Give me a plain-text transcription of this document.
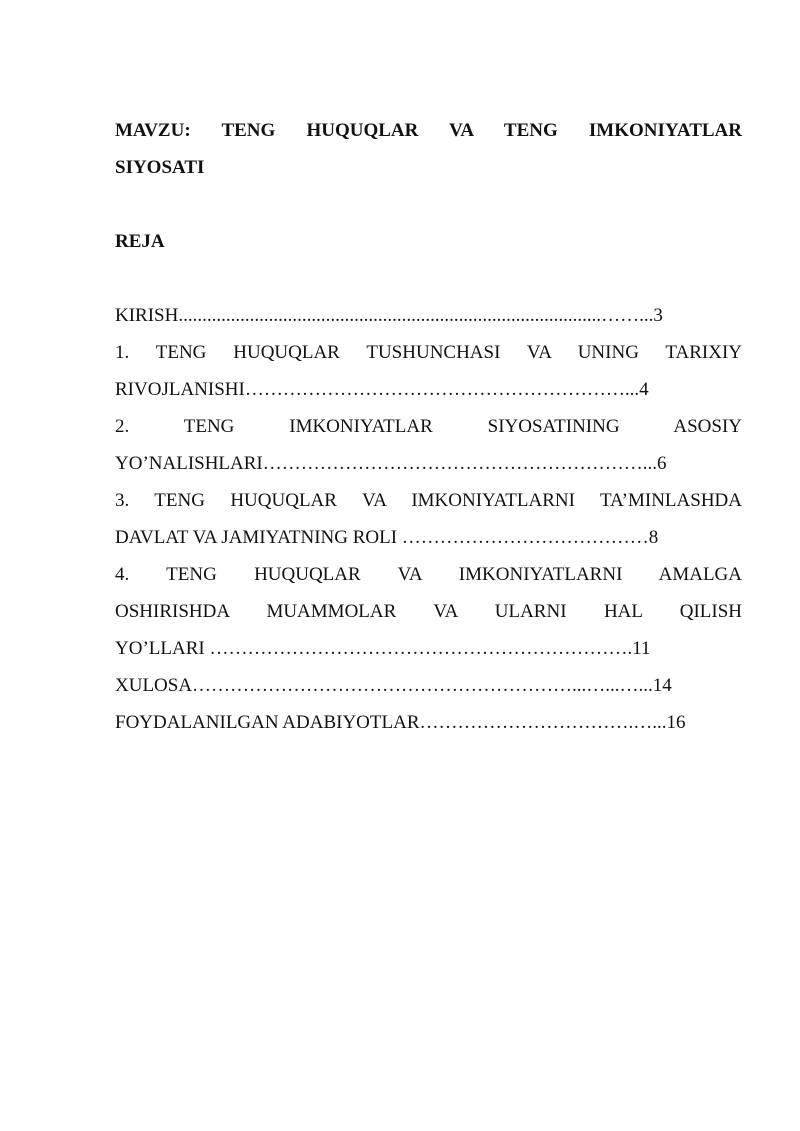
MAVZU: TENG HUQUQLAR VA TENG IMKONIYATLAR
SIYOSATI
REJA
KIRISH.........................................................................................……...3
1. TENG HUQUQLAR TUSHUNCHASI VA UNING TARIXIY
RIVOJLANISHI……………………………………………………...4
2. TENG IMKONIYATLAR SIYOSATINING ASOSIY
YO’NALISHLARI……………………………………………………...6
3. TENG HUQUQLAR VA IMKONIYATLARNI TA’MINLASHDA
DAVLAT VA JAMIYATNING ROLI …………………………………8
4. TENG HUQUQLAR VA IMKONIYATLARNI AMALGA
OSHIRISHDA MUAMMOLAR VA ULARNI HAL QILISH
YO’LLARI ………………………………………………………….11
XULOSA……………………………………………………...…...…...14
FOYDALANILGAN ADABIYOTLAR…………………………….…...16
